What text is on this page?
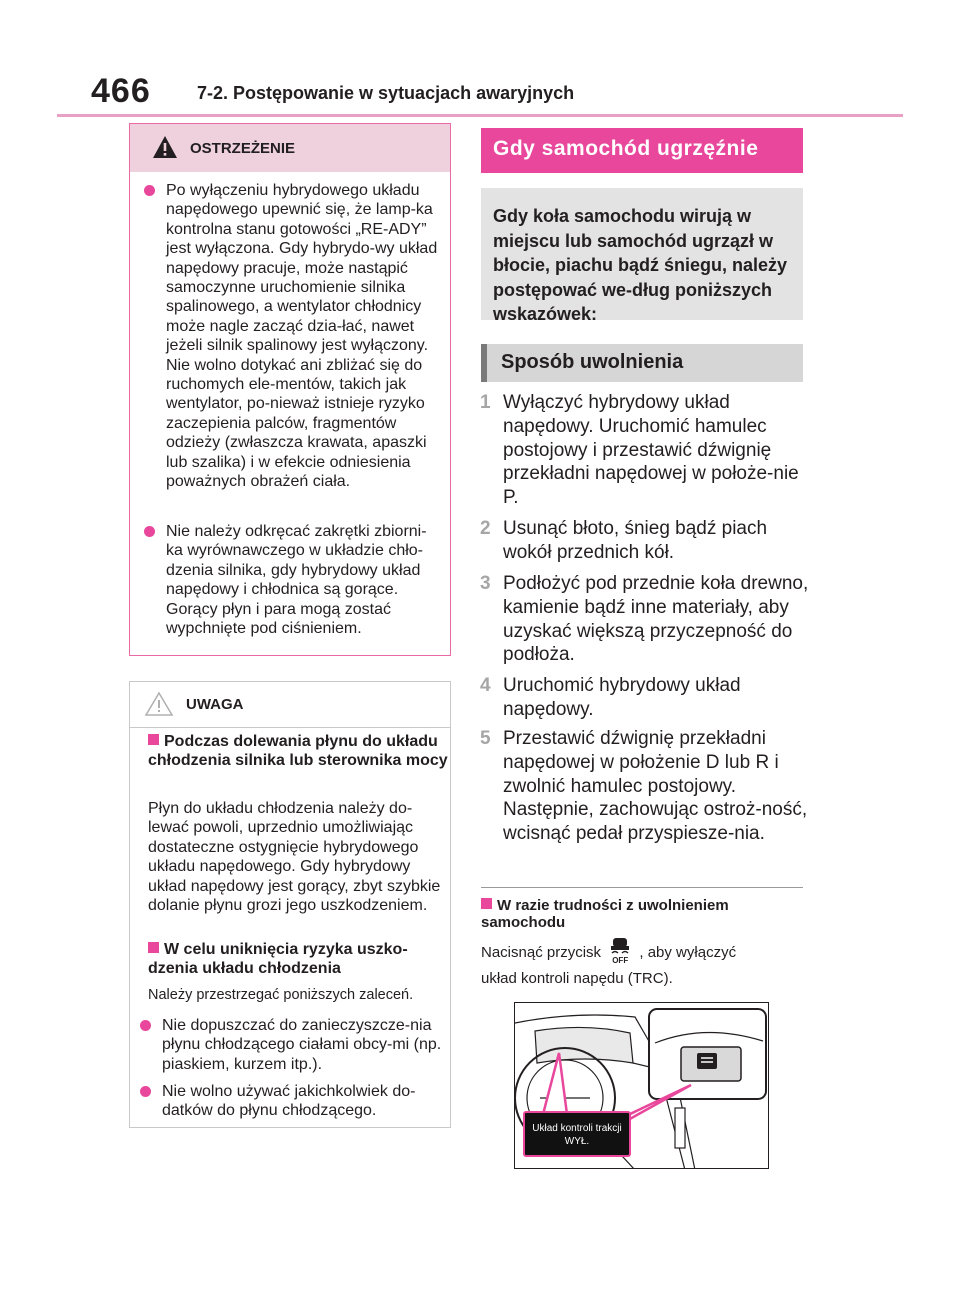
466	7-2. Postępowanie w sytuacjach awaryjnych
OSTRZEŻENIE
Po wyłączeniu hybrydowego układu napędowego upewnić się, że lamp-ka kontrolna stanu gotowości „RE-ADY” jest wyłączona. Gdy hybrydo-wy układ napędowy pracuje, może nastąpić samoczynne uruchomienie silnika spalinowego, a wentylator chłodnicy może nagle zacząć dzia-łać, nawet jeżeli silnik spalinowy jest wyłączony. Nie wolno dotykać ani zbliżać się do ruchomych ele-mentów, takich jak wentylator, po-nieważ istnieje ryzyko zaczepienia palców, fragmentów odzieży (zwłaszcza krawata, apaszki lub szalika) i w efekcie odniesienia poważnych obrażeń ciała.
Nie należy odkręcać zakrętki zbiorni-ka wyrównawczego w układzie chło-dzenia silnika, gdy hybrydowy układ napędowy i chłodnica są gorące. Gorący płyn i para mogą zostać wypchnięte pod ciśnieniem.
UWAGA
Podczas dolewania płynu do układu chłodzenia silnika lub sterownika mocy
Płyn do układu chłodzenia należy do-lewać powoli, uprzednio umożliwiając dostateczne ostygnięcie hybrydowego układu napędowego. Gdy hybrydowy układ napędowy jest gorący, zbyt szybkie dolanie płynu grozi jego uszkodzeniem.
W celu uniknięcia ryzyka uszko-dzenia układu chłodzenia
Należy przestrzegać poniższych zaleceń.
Nie dopuszczać do zanieczyszcze-nia płynu chłodzącego ciałami obcy-mi (np. piaskiem, kurzem itp.).
Nie wolno używać jakichkolwiek do-datków do płynu chłodzącego.
Gdy samochód ugrzęźnie
Gdy koła samochodu wirują w miejscu lub samochód ugrzązł w błocie, piachu bądź śniegu, należy postępować we-dług poniższych wskazówek:
Sposób uwolnienia
1 Wyłączyć hybrydowy układ napędowy. Uruchomić hamulec postojowy i przestawić dźwignię przekładni napędowej w położe-nie P.
2 Usunąć błoto, śnieg bądź piach wokół przednich kół.
3 Podłożyć pod przednie koła drewno, kamienie bądź inne materiały, aby uzyskać większą przyczepność do podłoża.
4 Uruchomić hybrydowy układ napędowy.
5 Przestawić dźwignię przekładni napędowej w położenie D lub R i zwolnić hamulec postojowy. Następnie, zachowując ostroż-ność, wcisnąć pedał przyspiesze-nia.
W razie trudności z uwolnieniem samochodu
Nacisnąć przycisk OFF , aby wyłączyć
układ kontroli napędu (TRC).
Układ kontroli trakcji
WYŁ.
